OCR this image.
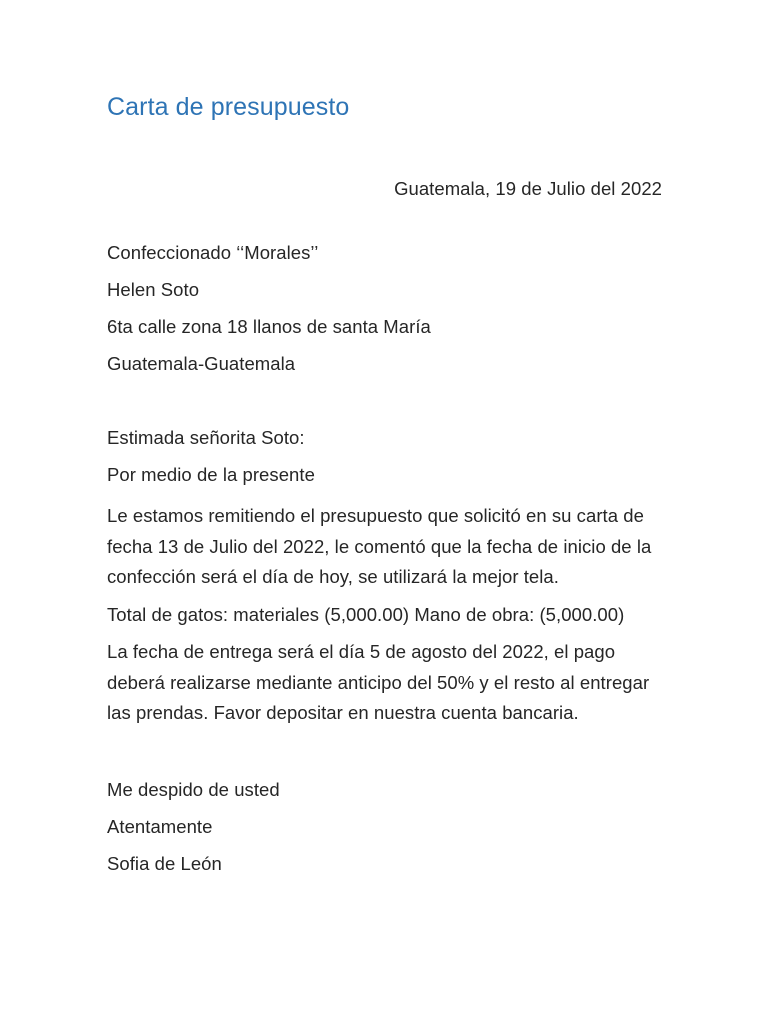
Carta de presupuesto

Guatemala, 19 de Julio del 2022

Confeccionado ‘‘Morales’’

Helen Soto

6ta calle zona 18 llanos de santa María

Guatemala-Guatemala

Estimada señorita Soto:

Por medio de la presente

Le estamos remitiendo el presupuesto que solicitó en su carta de fecha 13 de Julio del 2022, le comentó que la fecha de inicio de la confección será el día de hoy, se utilizará la mejor tela.

Total de gatos: materiales (5,000.00) Mano de obra: (5,000.00)

La fecha de entrega será el día 5 de agosto del 2022, el pago deberá realizarse mediante anticipo del 50% y el resto al entregar las prendas. Favor depositar en nuestra cuenta bancaria.

Me despido de usted

Atentamente

Sofia de León
